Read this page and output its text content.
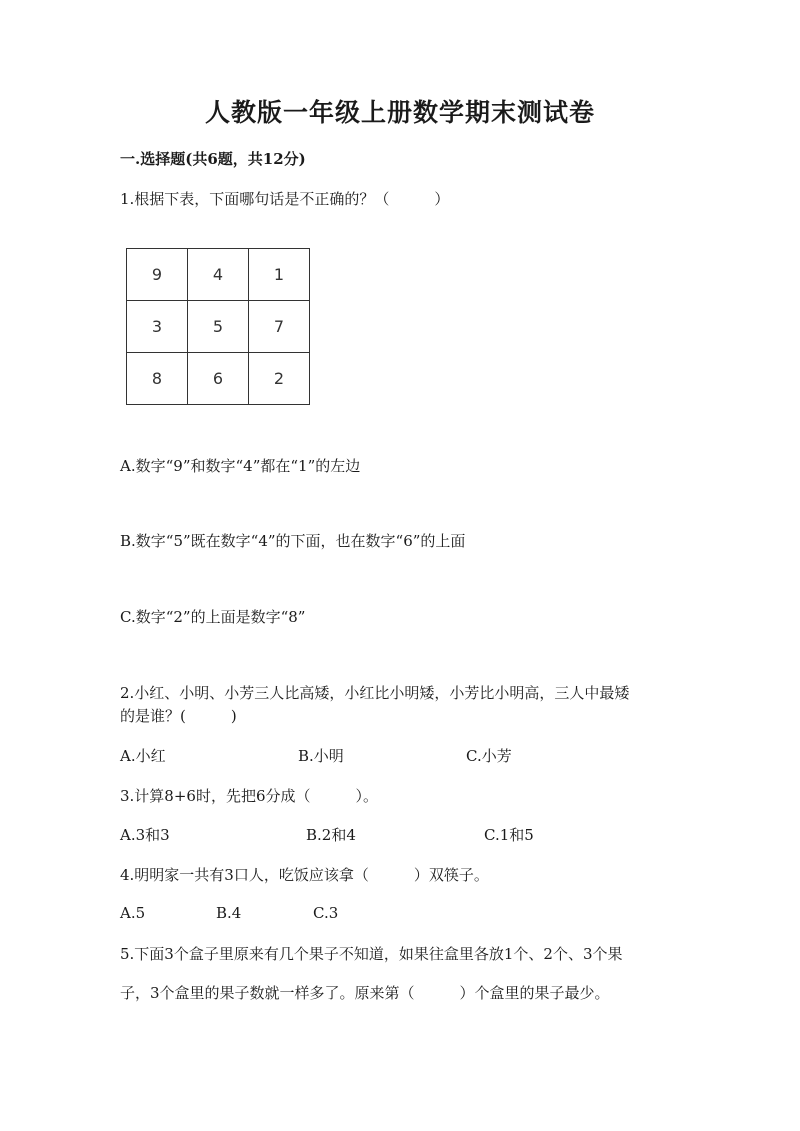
人教版一年级上册数学期末测试卷
一.选择题(共6题，共12分)
1.根据下表，下面哪句话是不正确的？（　　　）
9	4	1
3	5	7
8	6	2
A.数字“9”和数字“4”都在“1”的左边
B.数字“5”既在数字“4”的下面，也在数字“6”的上面
C.数字“2”的上面是数字“8”
2.小红、小明、小芳三人比高矮，小红比小明矮，小芳比小明高，三人中最矮
的是谁？(　　　)
A.小红	B.小明	C.小芳
3.计算8+6时，先把6分成（　　　）。
A.3和3	B.2和4	C.1和5
4.明明家一共有3口人，吃饭应该拿（　　　）双筷子。
A.5	B.4	C.3
5.下面3个盒子里原来有几个果子不知道，如果往盒里各放1个、2个、3个果
子，3个盒里的果子数就一样多了。原来第（　　　）个盒里的果子最少。
